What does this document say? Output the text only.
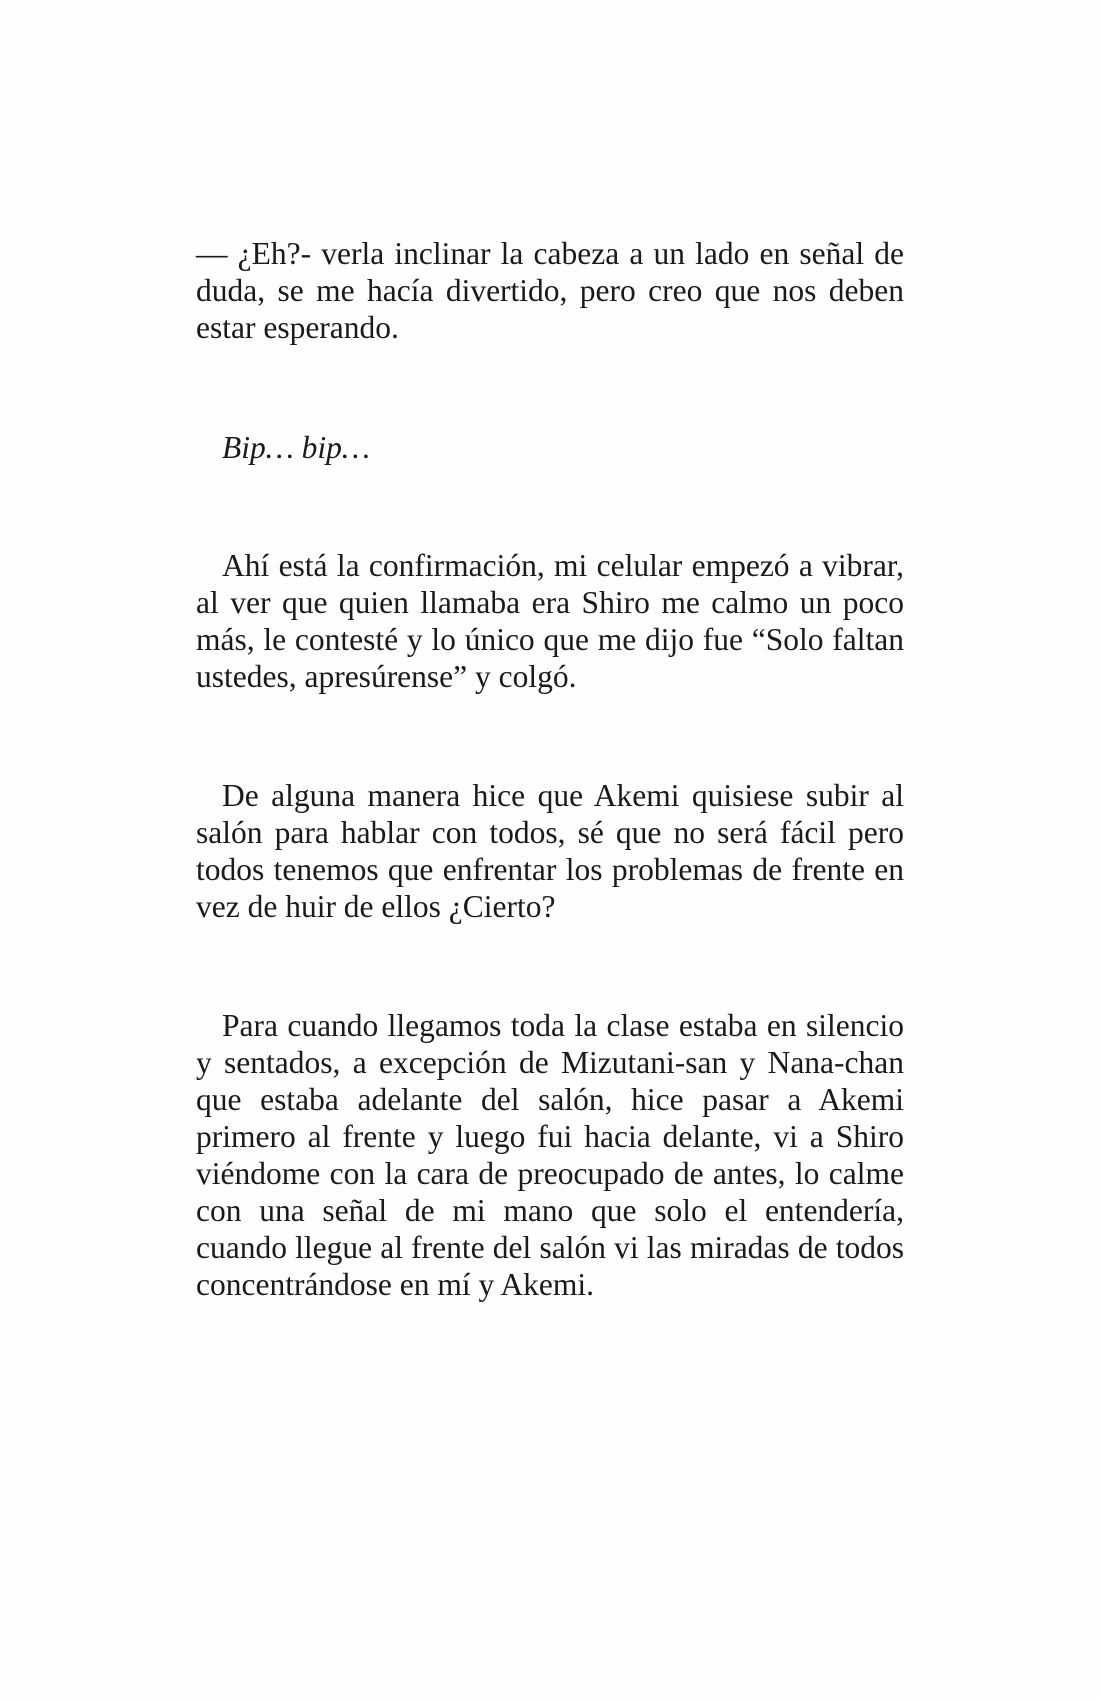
— ¿Eh?- verla inclinar la cabeza a un lado en señal de duda, se me hacía divertido, pero creo que nos deben estar esperando.

Bip… bip…

Ahí está la confirmación, mi celular empezó a vibrar, al ver que quien llamaba era Shiro me calmo un poco más, le contesté y lo único que me dijo fue “Solo faltan ustedes, apresúrense” y colgó.

De alguna manera hice que Akemi quisiese subir al salón para hablar con todos, sé que no será fácil pero todos tenemos que enfrentar los problemas de frente en vez de huir de ellos ¿Cierto?

Para cuando llegamos toda la clase estaba en silencio y sentados, a excepción de Mizutani-san y Nana-chan que estaba adelante del salón, hice pasar a Akemi primero al frente y luego fui hacia delante, vi a Shiro viéndome con la cara de preocupado de antes, lo calme con una señal de mi mano que solo el entendería, cuando llegue al frente del salón vi las miradas de todos concentrándose en mí y Akemi.
